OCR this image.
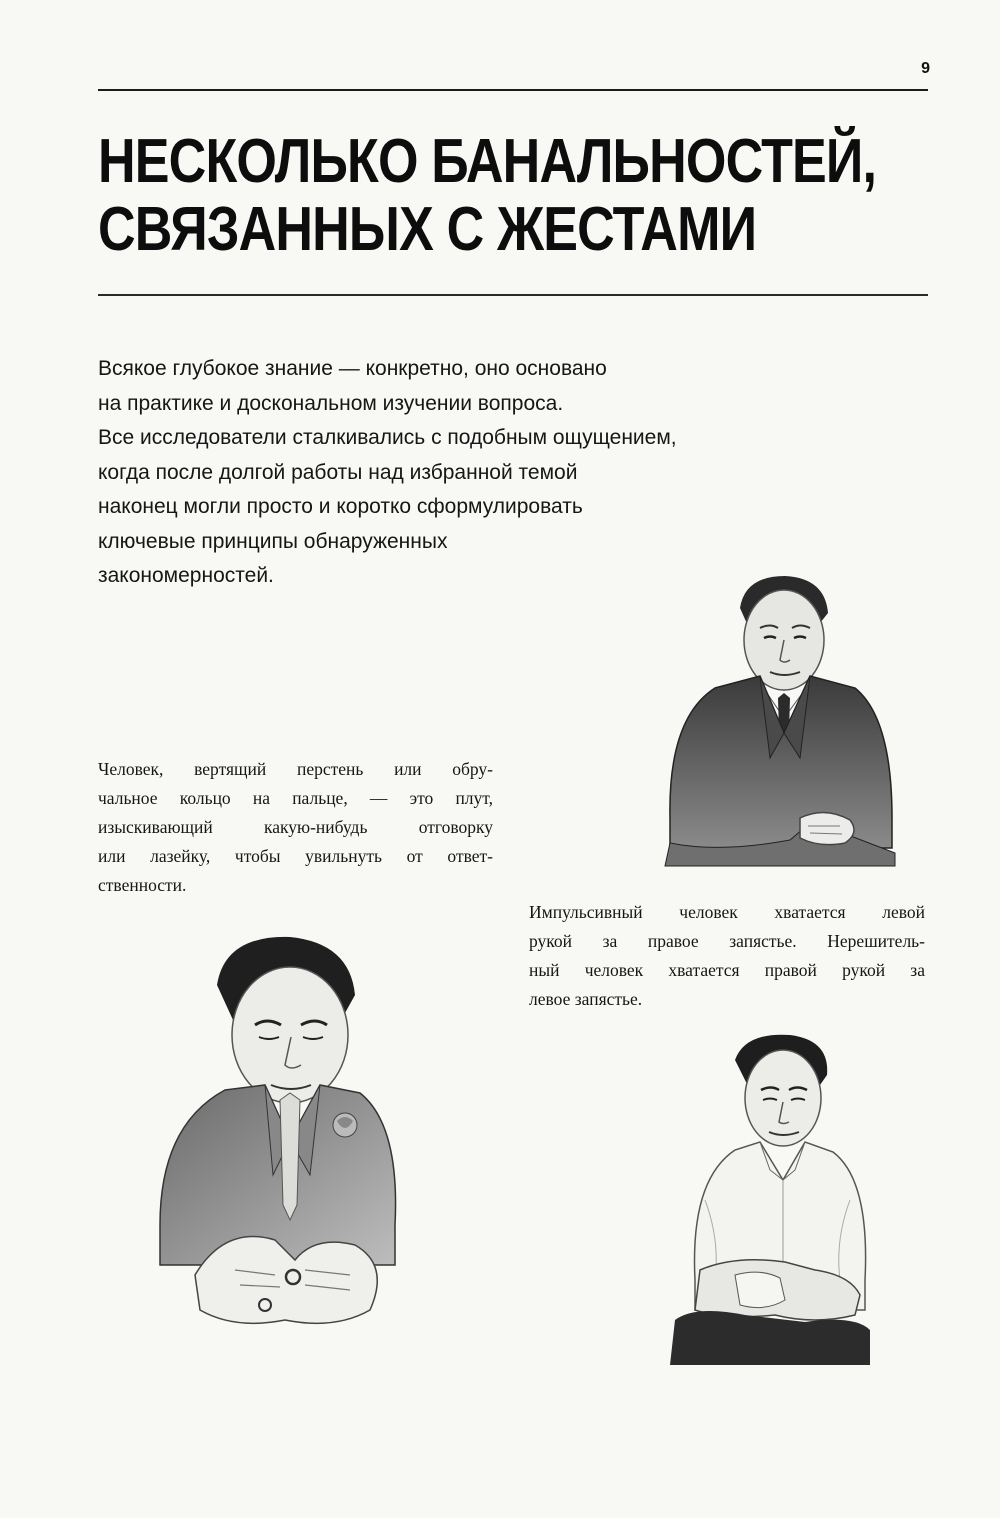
9
НЕСКОЛЬКО БАНАЛЬНОСТЕЙ,
СВЯЗАННЫХ С ЖЕСТАМИ
Всякое глубокое знание — конкретно, оно основано
на практике и доскональном изучении вопроса.
Все исследователи сталкивались с подобным ощущением,
когда после долгой работы над избранной темой
наконец могли просто и коротко сформулировать
ключевые принципы обнаруженных
закономерностей.
Человек, вертящий перстень или обру-
чальное кольцо на пальце, — это плут,
изыскивающий какую-нибудь отговорку
или лазейку, чтобы увильнуть от ответ-
ственности.
Импульсивный человек хватается левой
рукой за правое запястье. Нерешитель-
ный человек хватается правой рукой за
левое запястье.
